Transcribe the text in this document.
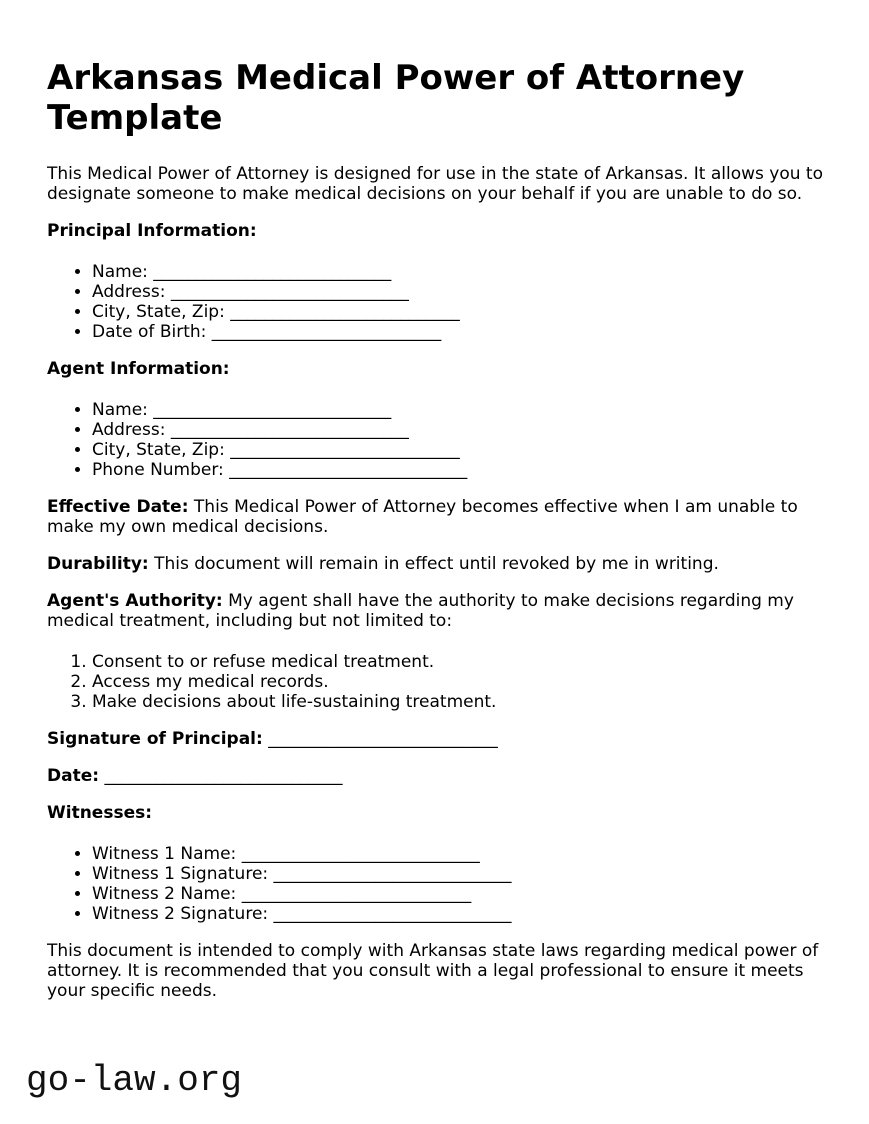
Arkansas Medical Power of Attorney Template

This Medical Power of Attorney is designed for use in the state of Arkansas. It allows you to designate someone to make medical decisions on your behalf if you are unable to do so.

Principal Information:

• Name: ____________________________
• Address: ____________________________
• City, State, Zip: ___________________________
• Date of Birth: ___________________________

Agent Information:

• Name: ____________________________
• Address: ____________________________
• City, State, Zip: ___________________________
• Phone Number: ____________________________

Effective Date: This Medical Power of Attorney becomes effective when I am unable to make my own medical decisions.

Durability: This document will remain in effect until revoked by me in writing.

Agent's Authority: My agent shall have the authority to make decisions regarding my medical treatment, including but not limited to:

1. Consent to or refuse medical treatment.
2. Access my medical records.
3. Make decisions about life-sustaining treatment.

Signature of Principal: ___________________________

Date: ____________________________

Witnesses:

• Witness 1 Name: ____________________________
• Witness 1 Signature: ____________________________
• Witness 2 Name: ___________________________
• Witness 2 Signature: ____________________________

This document is intended to comply with Arkansas state laws regarding medical power of attorney. It is recommended that you consult with a legal professional to ensure it meets your specific needs.

go-law.org
